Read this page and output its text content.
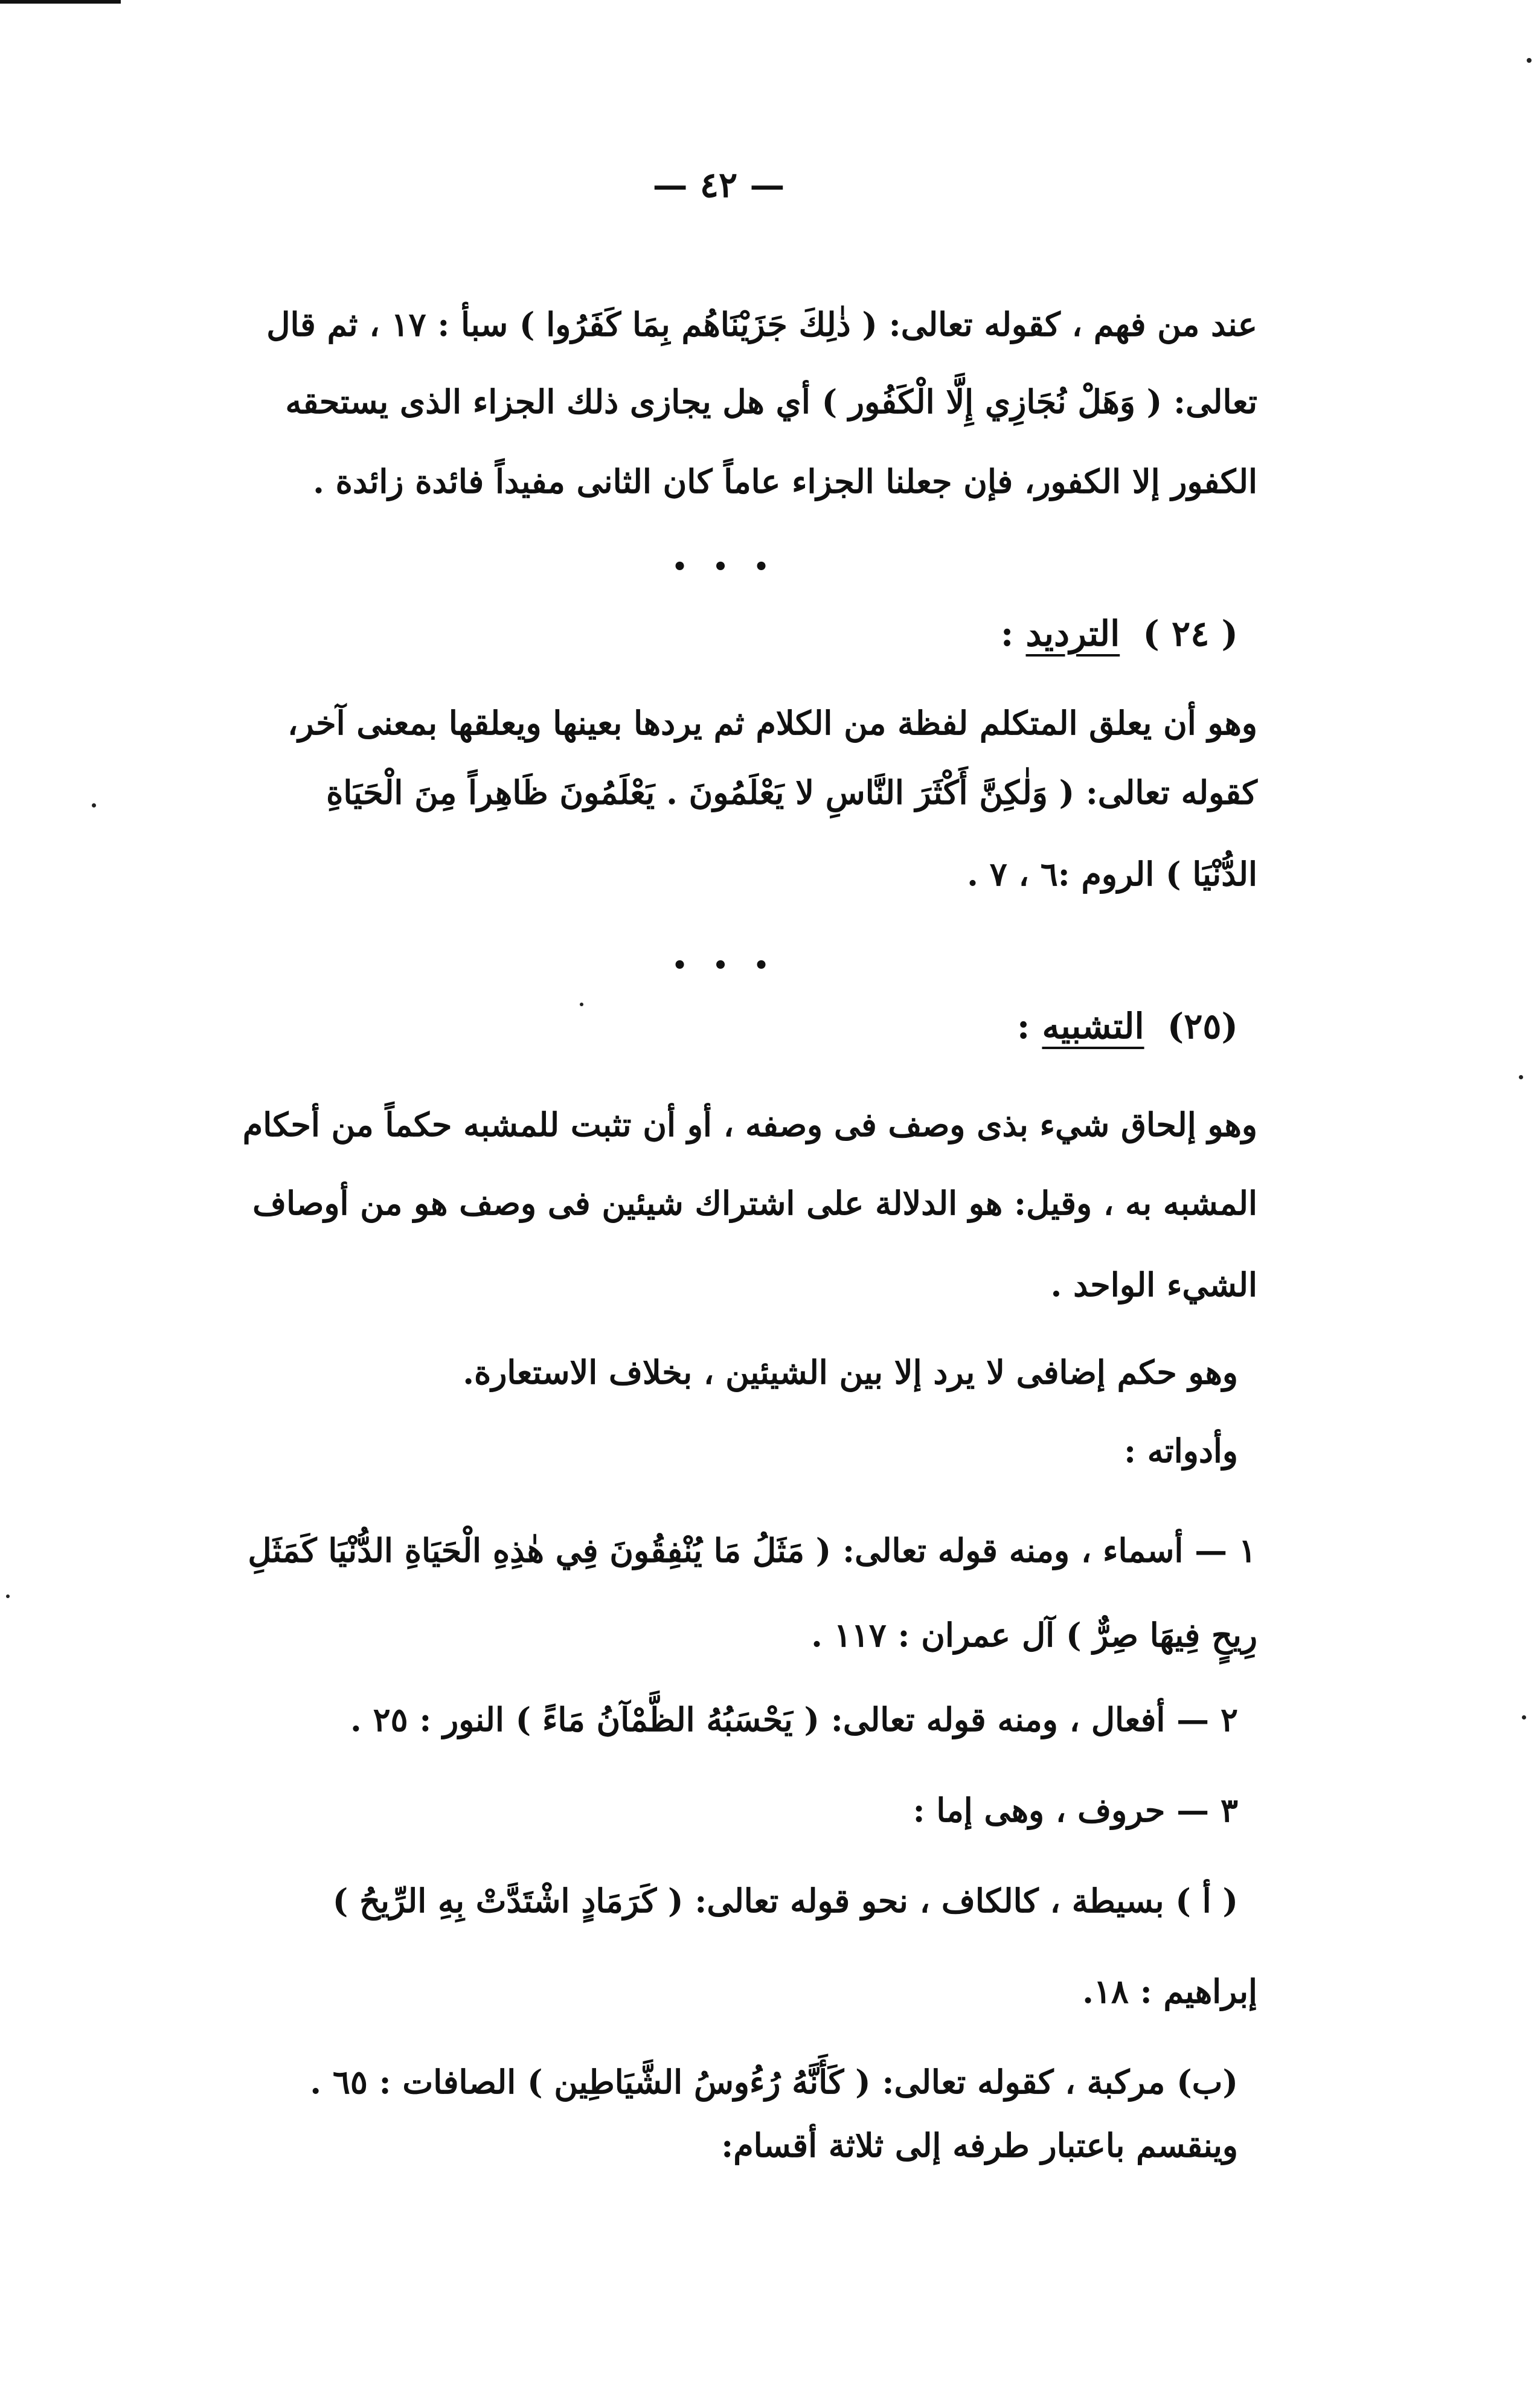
— ٤٢ —
عند من فهم ، كقوله تعالى: ( ذٰلِكَ جَزَيْنَاهُم بِمَا كَفَرُوا ) سبأ : ١٧ ، ثم قال
تعالى: ( وَهَلْ نُجَازِي إِلَّا الْكَفُور ) أي هل يجازى ذلك الجزاء الذى يستحقه
الكفور إلا الكفور، فإن جعلنا الجزاء عاماً كان الثانى مفيداً فائدة زائدة .
• • •
( ٢٤ ) الترديد :
وهو أن يعلق المتكلم لفظة من الكلام ثم يردها بعينها ويعلقها بمعنى آخر،
كقوله تعالى: ( وَلٰكِنَّ أَكْثَرَ النَّاسِ لا يَعْلَمُونَ . يَعْلَمُونَ ظَاهِراً مِنَ الْحَيَاةِ
الدُّنْيَا ) الروم :٦ ، ٧ .
• • •
(٢٥) التشبيه :
وهو إلحاق شيء بذى وصف فى وصفه ، أو أن تثبت للمشبه حكماً من أحكام
المشبه به ، وقيل: هو الدلالة على اشتراك شيئين فى وصف هو من أوصاف
الشيء الواحد .
وهو حكم إضافى لا يرد إلا بين الشيئين ، بخلاف الاستعارة.
وأدواته :
١ — أسماء ، ومنه قوله تعالى: ( مَثَلُ مَا يُنْفِقُونَ فِي هٰذِهِ الْحَيَاةِ الدُّنْيَا كَمَثَلِ
رِيحٍ فِيهَا صِرٌّ ) آل عمران : ١١٧ .
٢ — أفعال ، ومنه قوله تعالى: ( يَحْسَبُهُ الظَّمْآنُ مَاءً ) النور : ٢٥ .
٣ — حروف ، وهى إما :
( أ ) بسيطة ، كالكاف ، نحو قوله تعالى: ( كَرَمَادٍ اشْتَدَّتْ بِهِ الرِّيحُ )
إبراهيم : ١٨.
(ب) مركبة ، كقوله تعالى: ( كَأَنَّهُ رُءُوسُ الشَّيَاطِين ) الصافات : ٦٥ .
وينقسم باعتبار طرفه إلى ثلاثة أقسام:
